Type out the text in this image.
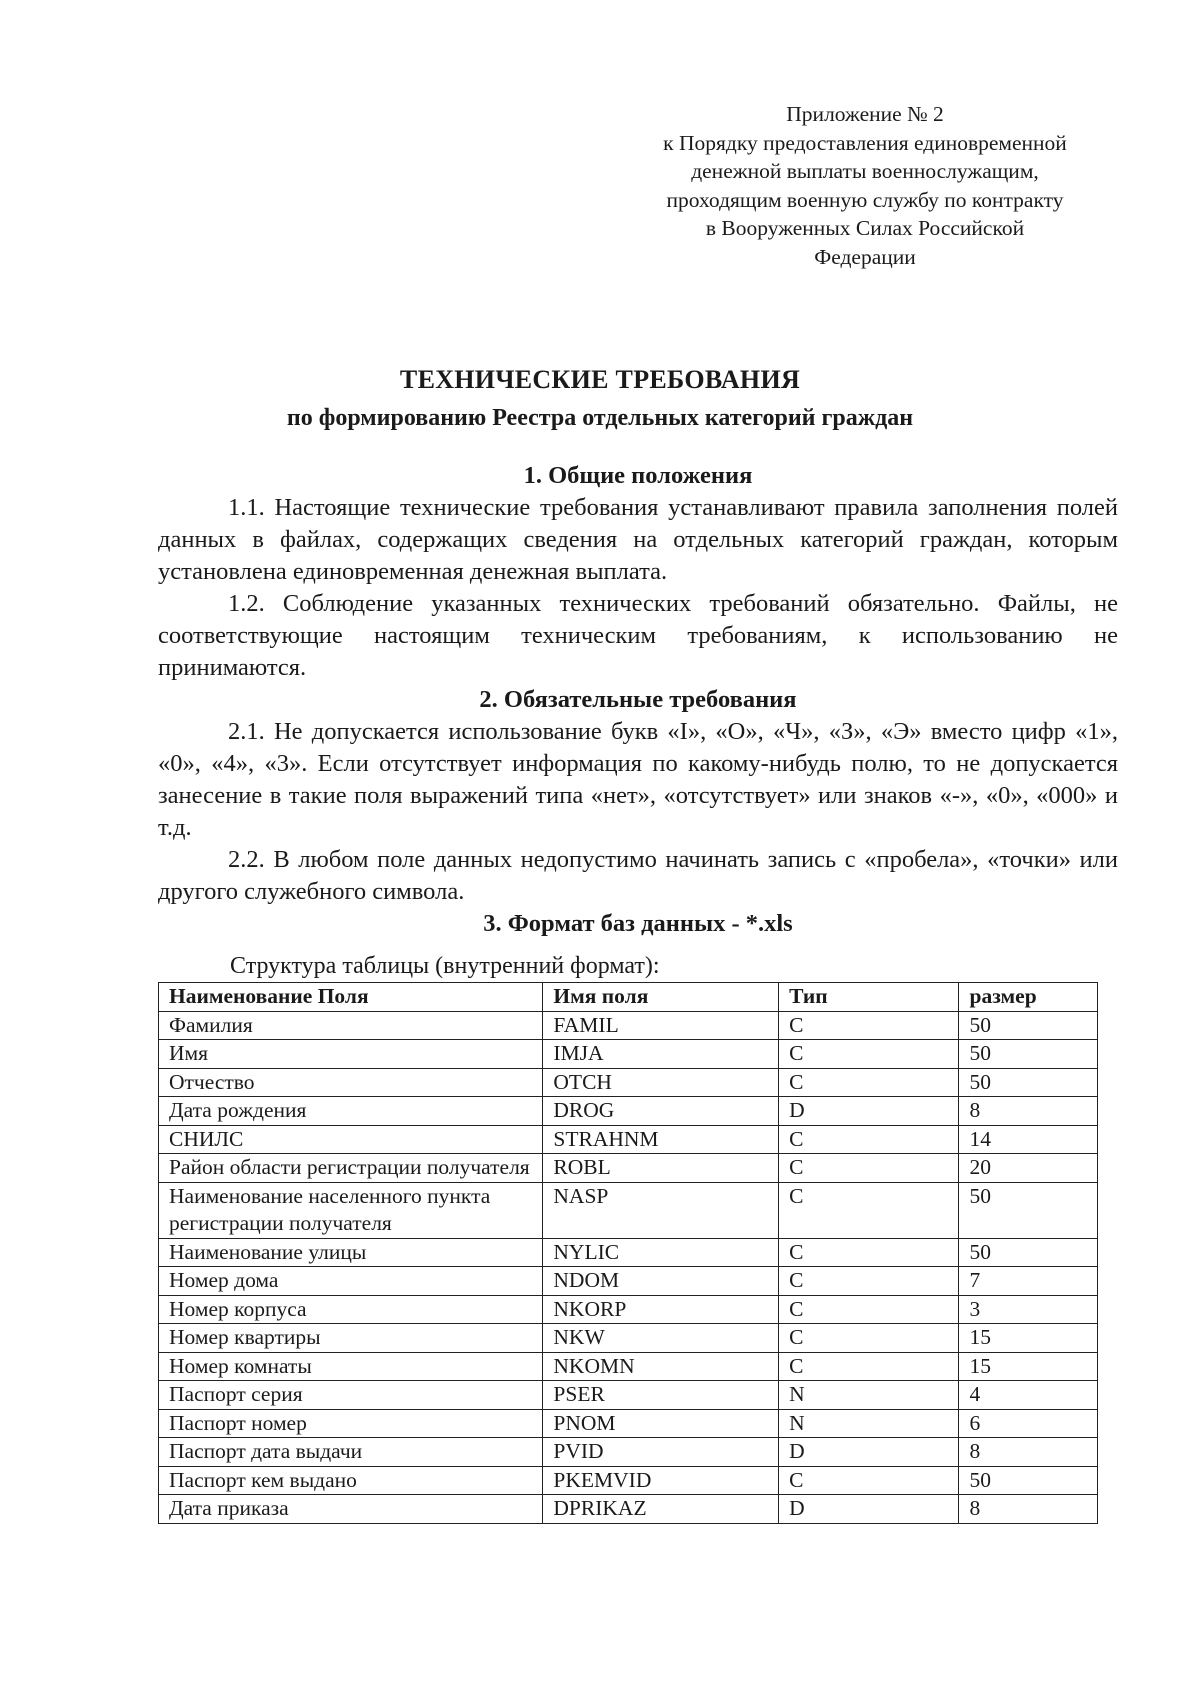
Приложение № 2
к Порядку предоставления единовременной
денежной выплаты военнослужащим,
проходящим военную службу по контракту
в Вооруженных Силах Российской
Федерации
ТЕХНИЧЕСКИЕ ТРЕБОВАНИЯ
по формированию Реестра отдельных категорий граждан

1. Общие положения

1.1. Настоящие технические требования устанавливают правила заполнения полей данных в файлах, содержащих сведения на отдельных категорий граждан, которым установлена единовременная денежная выплата.

1.2. Соблюдение указанных технических требований обязательно. Файлы, не соответствующие настоящим техническим требованиям, к использованию не принимаются.

2. Обязательные требования

2.1. Не допускается использование букв «I», «О», «Ч», «З», «Э» вместо цифр «1», «0», «4», «3». Если отсутствует информация по какому-нибудь полю, то не допускается занесение в такие поля выражений типа «нет», «отсутствует» или знаков «-», «0», «000» и т.д.

2.2. В любом поле данных недопустимо начинать запись с «пробела», «точки» или другого служебного символа.

3. Формат баз данных - *.xls

Структура таблицы (внутренний формат):
Наименование Поля	Имя поля	Тип	размер
Фамилия	FAMIL	C	50
Имя	IMJA	C	50
Отчество	OTCH	C	50
Дата рождения	DROG	D	8
СНИЛС	STRAHNM	C	14
Район области регистрации получателя	ROBL	C	20
Наименование населенного пункта регистрации получателя	NASP	C	50
Наименование улицы	NYLIC	C	50
Номер дома	NDOM	C	7
Номер корпуса	NKORP	C	3
Номер квартиры	NKW	C	15
Номер комнаты	NKOMN	C	15
Паспорт серия	PSER	N	4
Паспорт номер	PNOM	N	6
Паспорт дата выдачи	PVID	D	8
Паспорт кем выдано	PKEMVID	C	50
Дата приказа	DPRIKAZ	D	8
